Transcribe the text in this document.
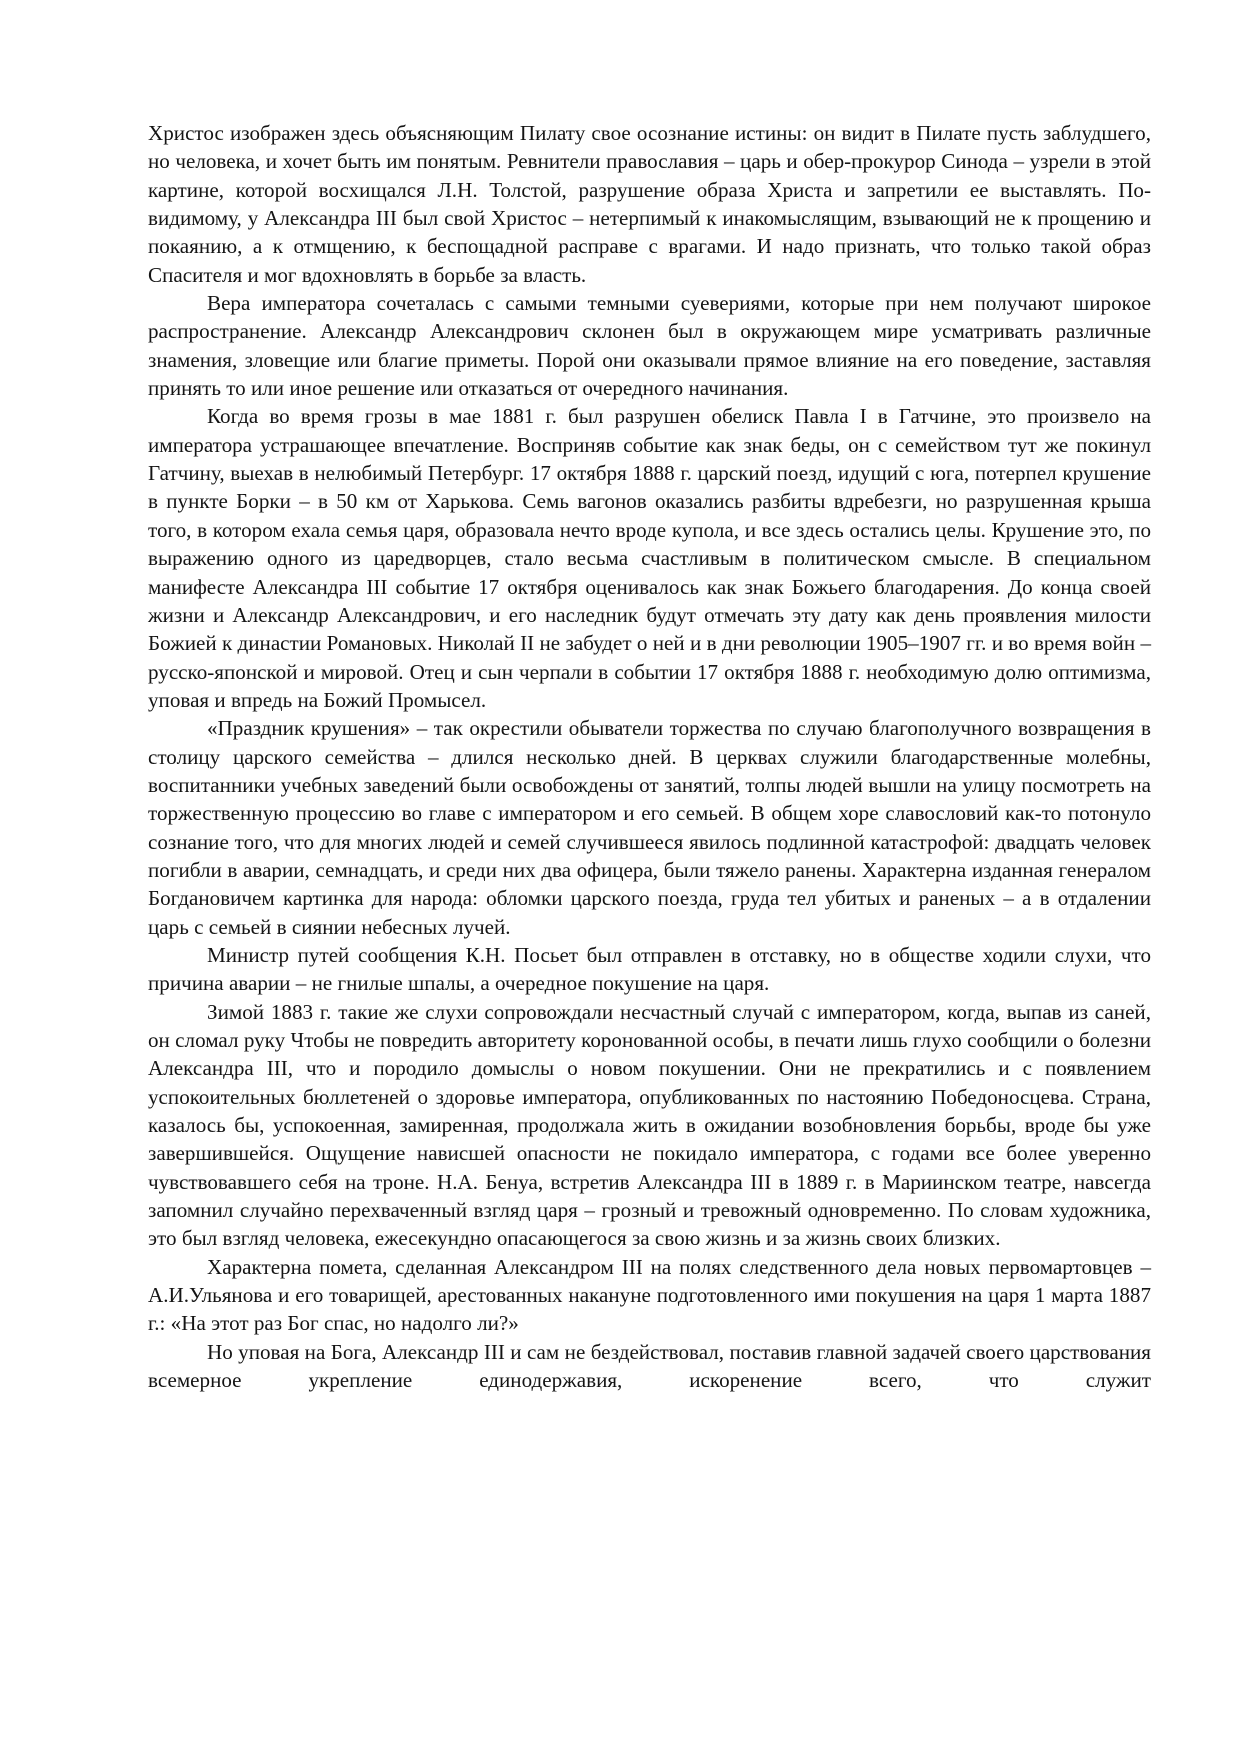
Христос изображен здесь объясняющим Пилату свое осознание истины: он видит в Пилате пусть заблудшего, но человека, и хочет быть им понятым. Ревнители православия – царь и обер-прокурор Синода – узрели в этой картине, которой восхищался Л.Н. Толстой, разрушение образа Христа и запретили ее выставлять. По-видимому, у Александра III был свой Христос – нетерпимый к инакомыслящим, взывающий не к прощению и покаянию, а к отмщению, к беспощадной расправе с врагами. И надо признать, что только такой образ Спасителя и мог вдохновлять в борьбе за власть.

Вера императора сочеталась с самыми темными суевериями, которые при нем получают широкое распространение. Александр Александрович склонен был в окружающем мире усматривать различные знамения, зловещие или благие приметы. Порой они оказывали прямое влияние на его поведение, заставляя принять то или иное решение или отказаться от очередного начинания.

Когда во время грозы в мае 1881 г. был разрушен обелиск Павла I в Гатчине, это произвело на императора устрашающее впечатление. Восприняв событие как знак беды, он с семейством тут же покинул Гатчину, выехав в нелюбимый Петербург. 17 октября 1888 г. царский поезд, идущий с юга, потерпел крушение в пункте Борки – в 50 км от Харькова. Семь вагонов оказались разбиты вдребезги, но разрушенная крыша того, в котором ехала семья царя, образовала нечто вроде купола, и все здесь остались целы. Крушение это, по выражению одного из царедворцев, стало весьма счастливым в политическом смысле. В специальном манифесте Александра III событие 17 октября оценивалось как знак Божьего благодарения. До конца своей жизни и Александр Александрович, и его наследник будут отмечать эту дату как день проявления милости Божией к династии Романовых. Николай II не забудет о ней и в дни революции 1905–1907 гг. и во время войн – русско-японской и мировой. Отец и сын черпали в событии 17 октября 1888 г. необходимую долю оптимизма, уповая и впредь на Божий Промысел.

«Праздник крушения» – так окрестили обыватели торжества по случаю благополучного возвращения в столицу царского семейства – длился несколько дней. В церквах служили благодарственные молебны, воспитанники учебных заведений были освобождены от занятий, толпы людей вышли на улицу посмотреть на торжественную процессию во главе с императором и его семьей. В общем хоре славословий как-то потонуло сознание того, что для многих людей и семей случившееся явилось подлинной катастрофой: двадцать человек погибли в аварии, семнадцать, и среди них два офицера, были тяжело ранены. Характерна изданная генералом Богдановичем картинка для народа: обломки царского поезда, груда тел убитых и раненых – а в отдалении царь с семьей в сиянии небесных лучей.

Министр путей сообщения К.Н. Посьет был отправлен в отставку, но в обществе ходили слухи, что причина аварии – не гнилые шпалы, а очередное покушение на царя.

Зимой 1883 г. такие же слухи сопровождали несчастный случай с императором, когда, выпав из саней, он сломал руку Чтобы не повредить авторитету коронованной особы, в печати лишь глухо сообщили о болезни Александра III, что и породило домыслы о новом покушении. Они не прекратились и с появлением успокоительных бюллетеней о здоровье императора, опубликованных по настоянию Победоносцева. Страна, казалось бы, успокоенная, замиренная, продолжала жить в ожидании возобновления борьбы, вроде бы уже завершившейся. Ощущение нависшей опасности не покидало императора, с годами все более уверенно чувствовавшего себя на троне. Н.А. Бенуа, встретив Александра III в 1889 г. в Мариинском театре, навсегда запомнил случайно перехваченный взгляд царя – грозный и тревожный одновременно. По словам художника, это был взгляд человека, ежесекундно опасающегося за свою жизнь и за жизнь своих близких.

Характерна помета, сделанная Александром III на полях следственного дела новых первомартовцев – А.И.Ульянова и его товарищей, арестованных накануне подготовленного ими покушения на царя 1 марта 1887 г.: «На этот раз Бог спас, но надолго ли?»

Но уповая на Бога, Александр III и сам не бездействовал, поставив главной задачей своего царствования всемерное укрепление единодержавия, искоренение всего, что служит
